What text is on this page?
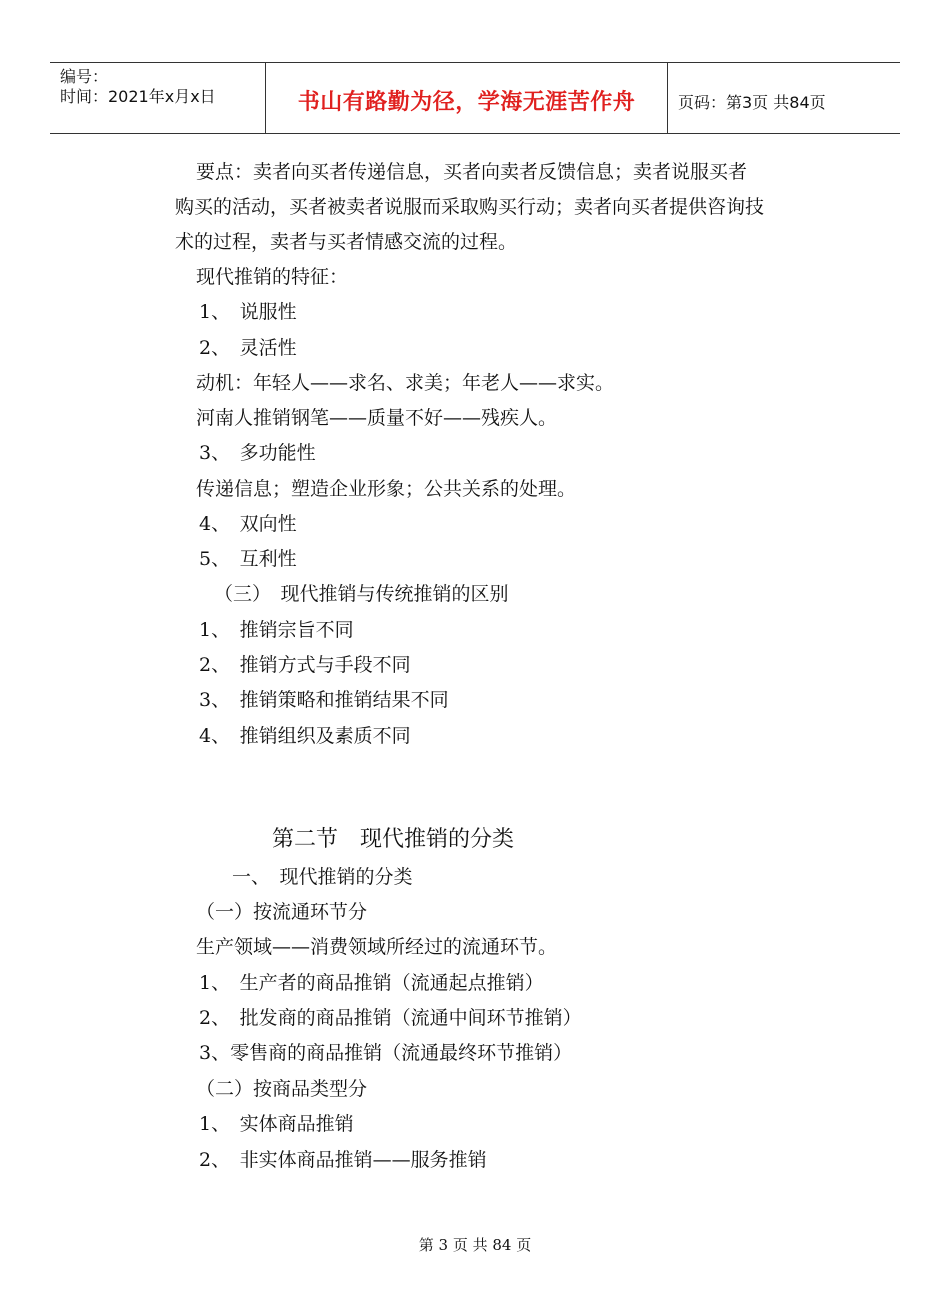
编号：
时间：2021年x月x日	书山有路勤为径，学海无涯苦作舟	页码：第3页 共84页
要点：卖者向买者传递信息，买者向卖者反馈信息；卖者说服买者
购买的活动，买者被卖者说服而采取购买行动；卖者向买者提供咨询技
术的过程，卖者与买者情感交流的过程。
现代推销的特征：
1、　说服性
2、　灵活性
动机：年轻人——求名、求美；年老人——求实。
河南人推销钢笔——质量不好——残疾人。
3、　多功能性
传递信息；塑造企业形象；公共关系的处理。
4、　双向性
5、　互利性
（三）　现代推销与传统推销的区别
1、　推销宗旨不同
2、　推销方式与手段不同
3、　推销策略和推销结果不同
4、　推销组织及素质不同
第二节　现代推销的分类
一、　现代推销的分类
（一）按流通环节分
生产领域——消费领域所经过的流通环节。
1、　生产者的商品推销（流通起点推销）
2、　批发商的商品推销（流通中间环节推销）
3、零售商的商品推销（流通最终环节推销）
（二）按商品类型分
1、　实体商品推销
2、　非实体商品推销——服务推销
第 3 页 共 84 页
